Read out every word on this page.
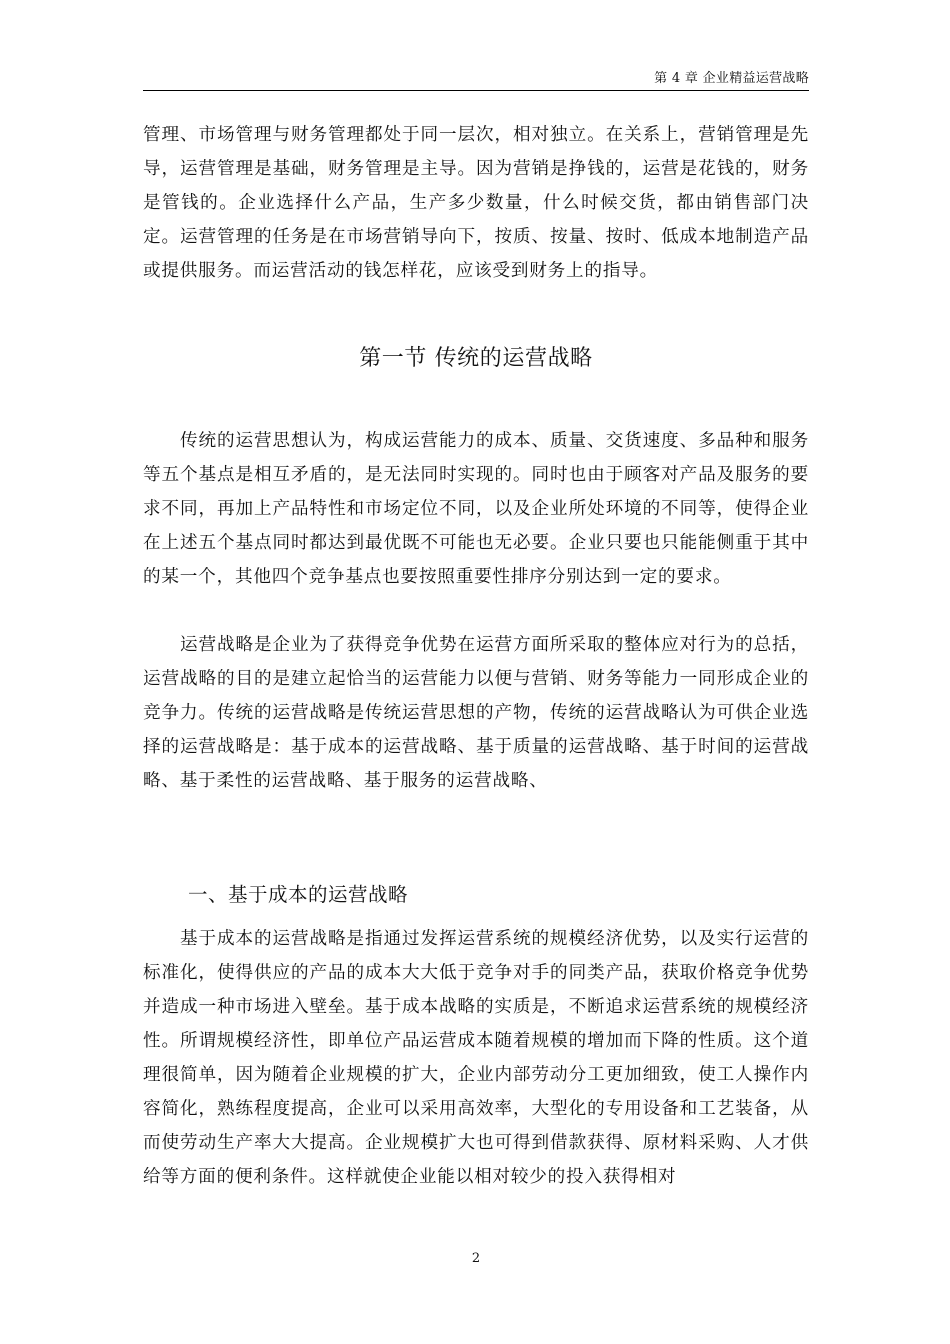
第 4 章 企业精益运营战略

管理、市场管理与财务管理都处于同一层次，相对独立。在关系上，营销管理是先导，运营管理是基础，财务管理是主导。因为营销是挣钱的，运营是花钱的，财务是管钱的。企业选择什么产品，生产多少数量，什么时候交货，都由销售部门决定。运营管理的任务是在市场营销导向下，按质、按量、按时、低成本地制造产品或提供服务。而运营活动的钱怎样花，应该受到财务上的指导。

第一节 传统的运营战略

传统的运营思想认为，构成运营能力的成本、质量、交货速度、多品种和服务等五个基点是相互矛盾的，是无法同时实现的。同时也由于顾客对产品及服务的要求不同，再加上产品特性和市场定位不同，以及企业所处环境的不同等，使得企业在上述五个基点同时都达到最优既不可能也无必要。企业只要也只能能侧重于其中的某一个，其他四个竞争基点也要按照重要性排序分别达到一定的要求。

运营战略是企业为了获得竞争优势在运营方面所采取的整体应对行为的总括，运营战略的目的是建立起恰当的运营能力以便与营销、财务等能力一同形成企业的竞争力。传统的运营战略是传统运营思想的产物，传统的运营战略认为可供企业选择的运营战略是：基于成本的运营战略、基于质量的运营战略、基于时间的运营战略、基于柔性的运营战略、基于服务的运营战略、

一、基于成本的运营战略

基于成本的运营战略是指通过发挥运营系统的规模经济优势，以及实行运营的标准化，使得供应的产品的成本大大低于竞争对手的同类产品，获取价格竞争优势并造成一种市场进入壁垒。基于成本战略的实质是，不断追求运营系统的规模经济性。所谓规模经济性，即单位产品运营成本随着规模的增加而下降的性质。这个道理很简单，因为随着企业规模的扩大，企业内部劳动分工更加细致，使工人操作内容简化，熟练程度提高，企业可以采用高效率，大型化的专用设备和工艺装备，从而使劳动生产率大大提高。企业规模扩大也可得到借款获得、原材料采购、人才供给等方面的便利条件。这样就使企业能以相对较少的投入获得相对

2
